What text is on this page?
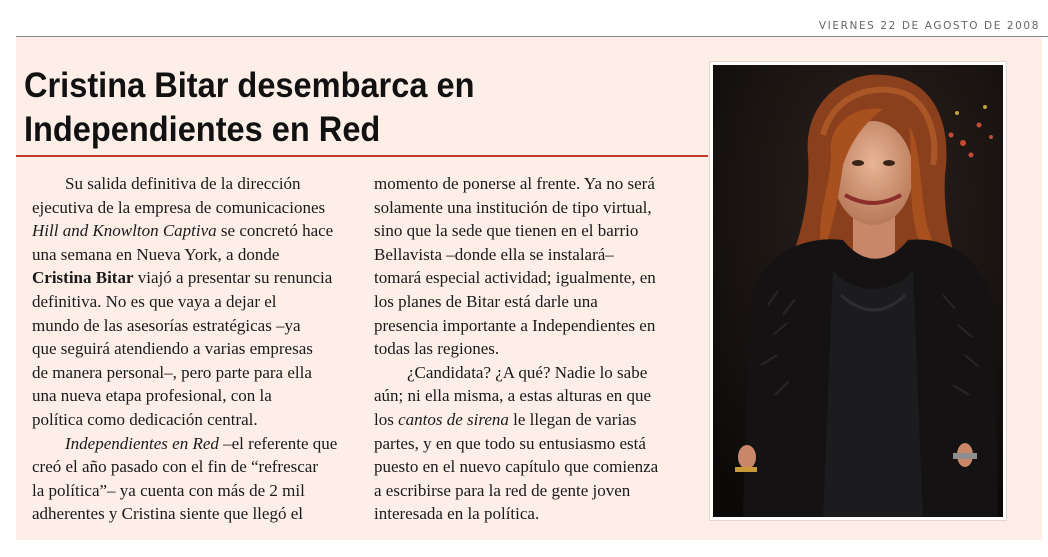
VIERNES 22 DE AGOSTO DE 2008
Cristina Bitar desembarca en
Independientes en Red

Su salida definitiva de la dirección
ejecutiva de la empresa de comunicaciones
Hill and Knowlton Captiva se concretó hace
una semana en Nueva York, a donde
Cristina Bitar viajó a presentar su renuncia
definitiva. No es que vaya a dejar el
mundo de las asesorías estratégicas –ya
que seguirá atendiendo a varias empresas
de manera personal–, pero parte para ella
una nueva etapa profesional, con la
política como dedicación central.

Independientes en Red –el referente que
creó el año pasado con el fin de “refrescar
la política”– ya cuenta con más de 2 mil
adherentes y Cristina siente que llegó el

momento de ponerse al frente. Ya no será
solamente una institución de tipo virtual,
sino que la sede que tienen en el barrio
Bellavista –donde ella se instalará–
tomará especial actividad; igualmente, en
los planes de Bitar está darle una
presencia importante a Independientes en
todas las regiones.

¿Candidata? ¿A qué? Nadie lo sabe
aún; ni ella misma, a estas alturas en que
los cantos de sirena le llegan de varias
partes, y en que todo su entusiasmo está
puesto en el nuevo capítulo que comienza
a escribirse para la red de gente joven
interesada en la política.
